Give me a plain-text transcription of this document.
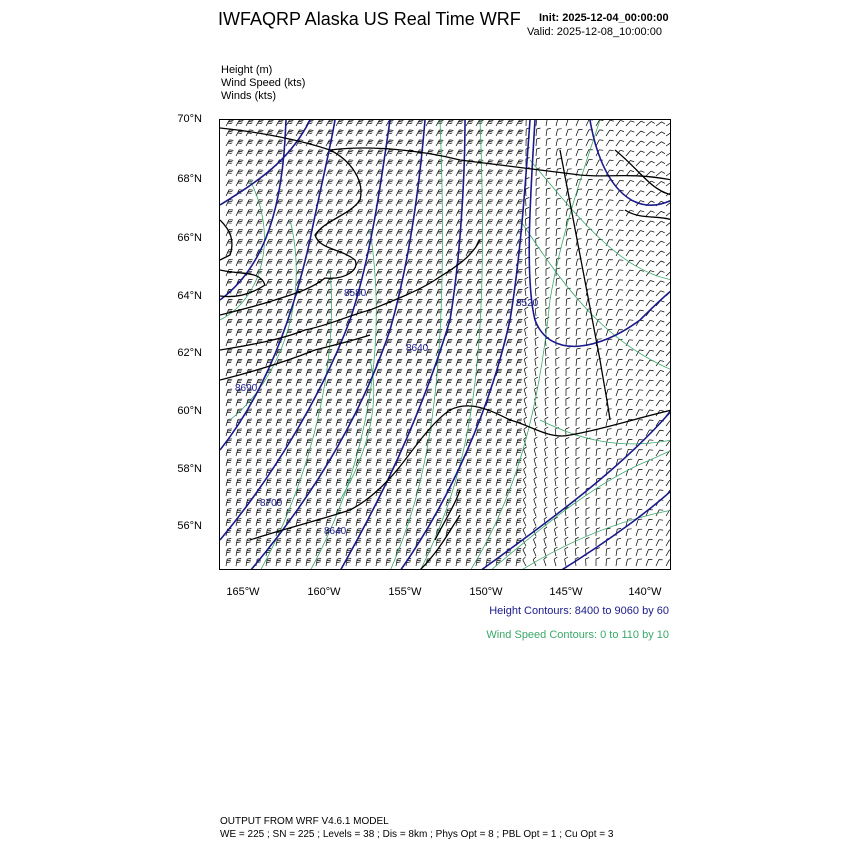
IWFAQRP Alaska US Real Time WRF Init: 2025-12-04_00:00:00
Valid: 2025-12-08_10:00:00
Height (m)
Wind Speed (kts)
Winds (kts)
70°N
68°N
66°N
64°N
62°N
60°N
58°N
56°N
165°W	160°W	155°W	150°W	145°W	140°W
8580
8520
8640
8690
8700
8640
Height Contours: 8400 to 9060 by 60
Wind Speed Contours: 0 to 110 by 10
OUTPUT FROM WRF V4.6.1 MODEL
WE = 225 ; SN = 225 ; Levels = 38 ; Dis = 8km ; Phys Opt = 8 ; PBL Opt = 1 ; Cu Opt = 3
